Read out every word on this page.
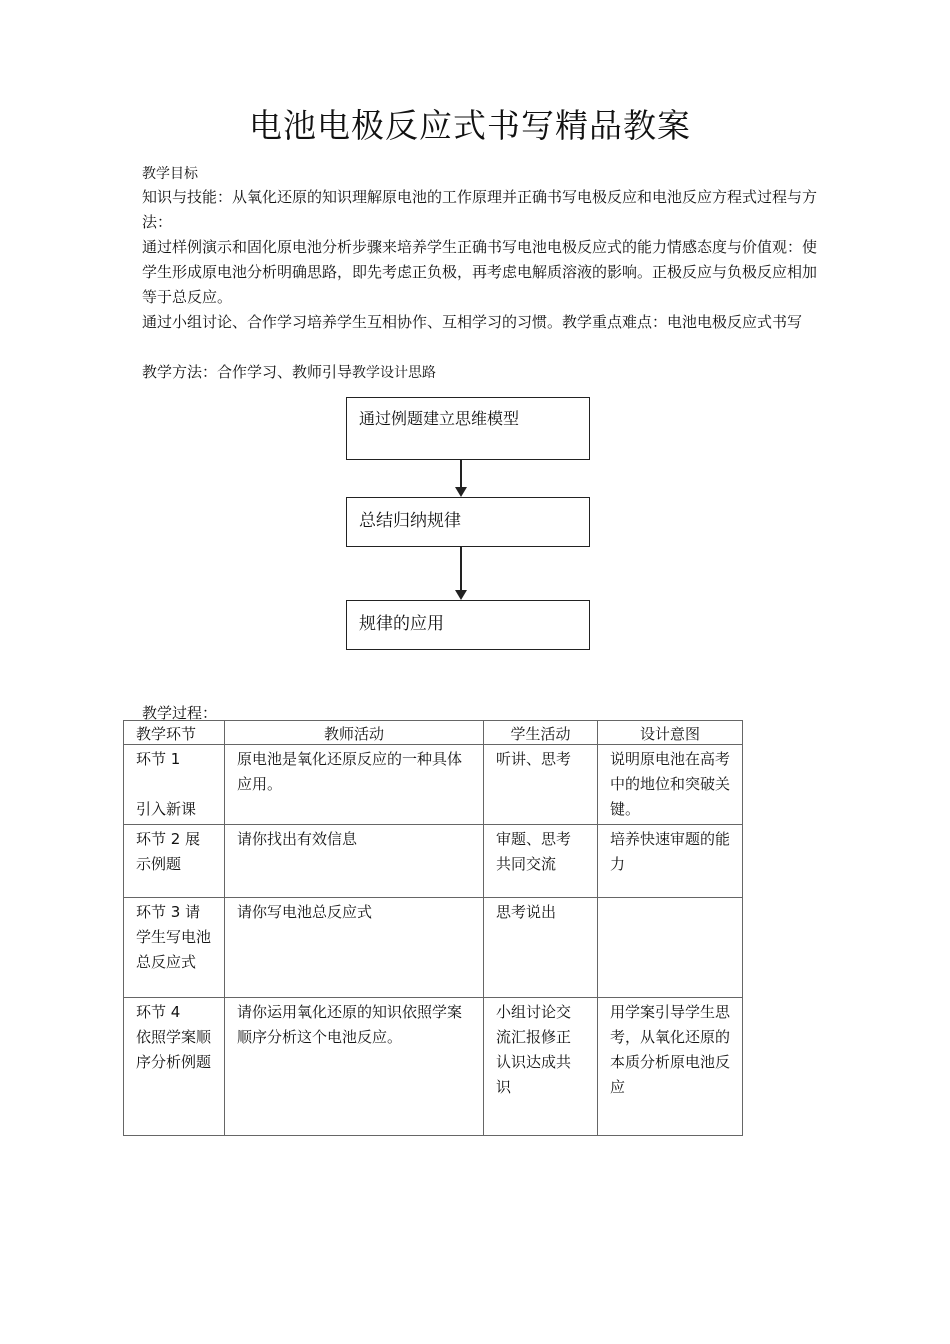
电池电极反应式书写精品教案
教学目标
知识与技能：从氧化还原的知识理解原电池的工作原理并正确书写电极反应和电池反应方程式过程与方法：
通过样例演示和固化原电池分析步骤来培养学生正确书写电池电极反应式的能力情感态度与价值观：使学生形成原电池分析明确思路，即先考虑正负极，再考虑电解质溶液的影响。正极反应与负极反应相加等于总反应。
通过小组讨论、合作学习培养学生互相协作、互相学习的习惯。教学重点难点：电池电极反应式书写
教学方法：合作学习、教师引导教学设计思路
通过例题建立思维模型
总结归纳规律
规律的应用
教学过程：
教学环节	教师活动	学生活动	设计意图
环节 1

引入新课	原电池是氧化还原反应的一种具体应用。	听讲、思考	说明原电池在高考中的地位和突破关键。
环节 2 展示例题	请你找出有效信息	审题、思考共同交流	培养快速审题的能力
环节 3 请学生写电池总反应式	请你写电池总反应式	思考说出	
环节 4
依照学案顺序分析例题	请你运用氧化还原的知识依照学案顺序分析这个电池反应。	小组讨论交流汇报修正认识达成共识	用学案引导学生思考，从氧化还原的本质分析原电池反应
